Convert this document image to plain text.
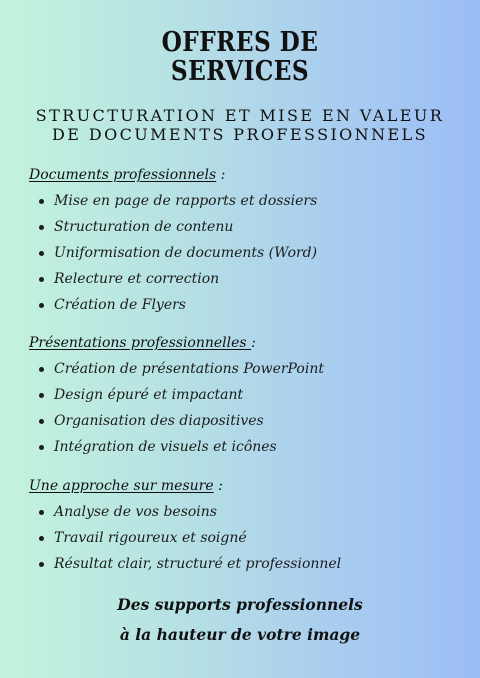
OFFRES DE
SERVICES
STRUCTURATION ET MISE EN VALEUR
DE DOCUMENTS PROFESSIONNELS
Documents professionnels :
Mise en page de rapports et dossiers
Structuration de contenu
Uniformisation de documents (Word)
Relecture et correction
Création de Flyers
Présentations professionnelles :
Création de présentations PowerPoint
Design épuré et impactant
Organisation des diapositives
Intégration de visuels et icônes
Une approche sur mesure :
Analyse de vos besoins
Travail rigoureux et soigné
Résultat clair, structuré et professionnel
Des supports professionnels
à la hauteur de votre image
